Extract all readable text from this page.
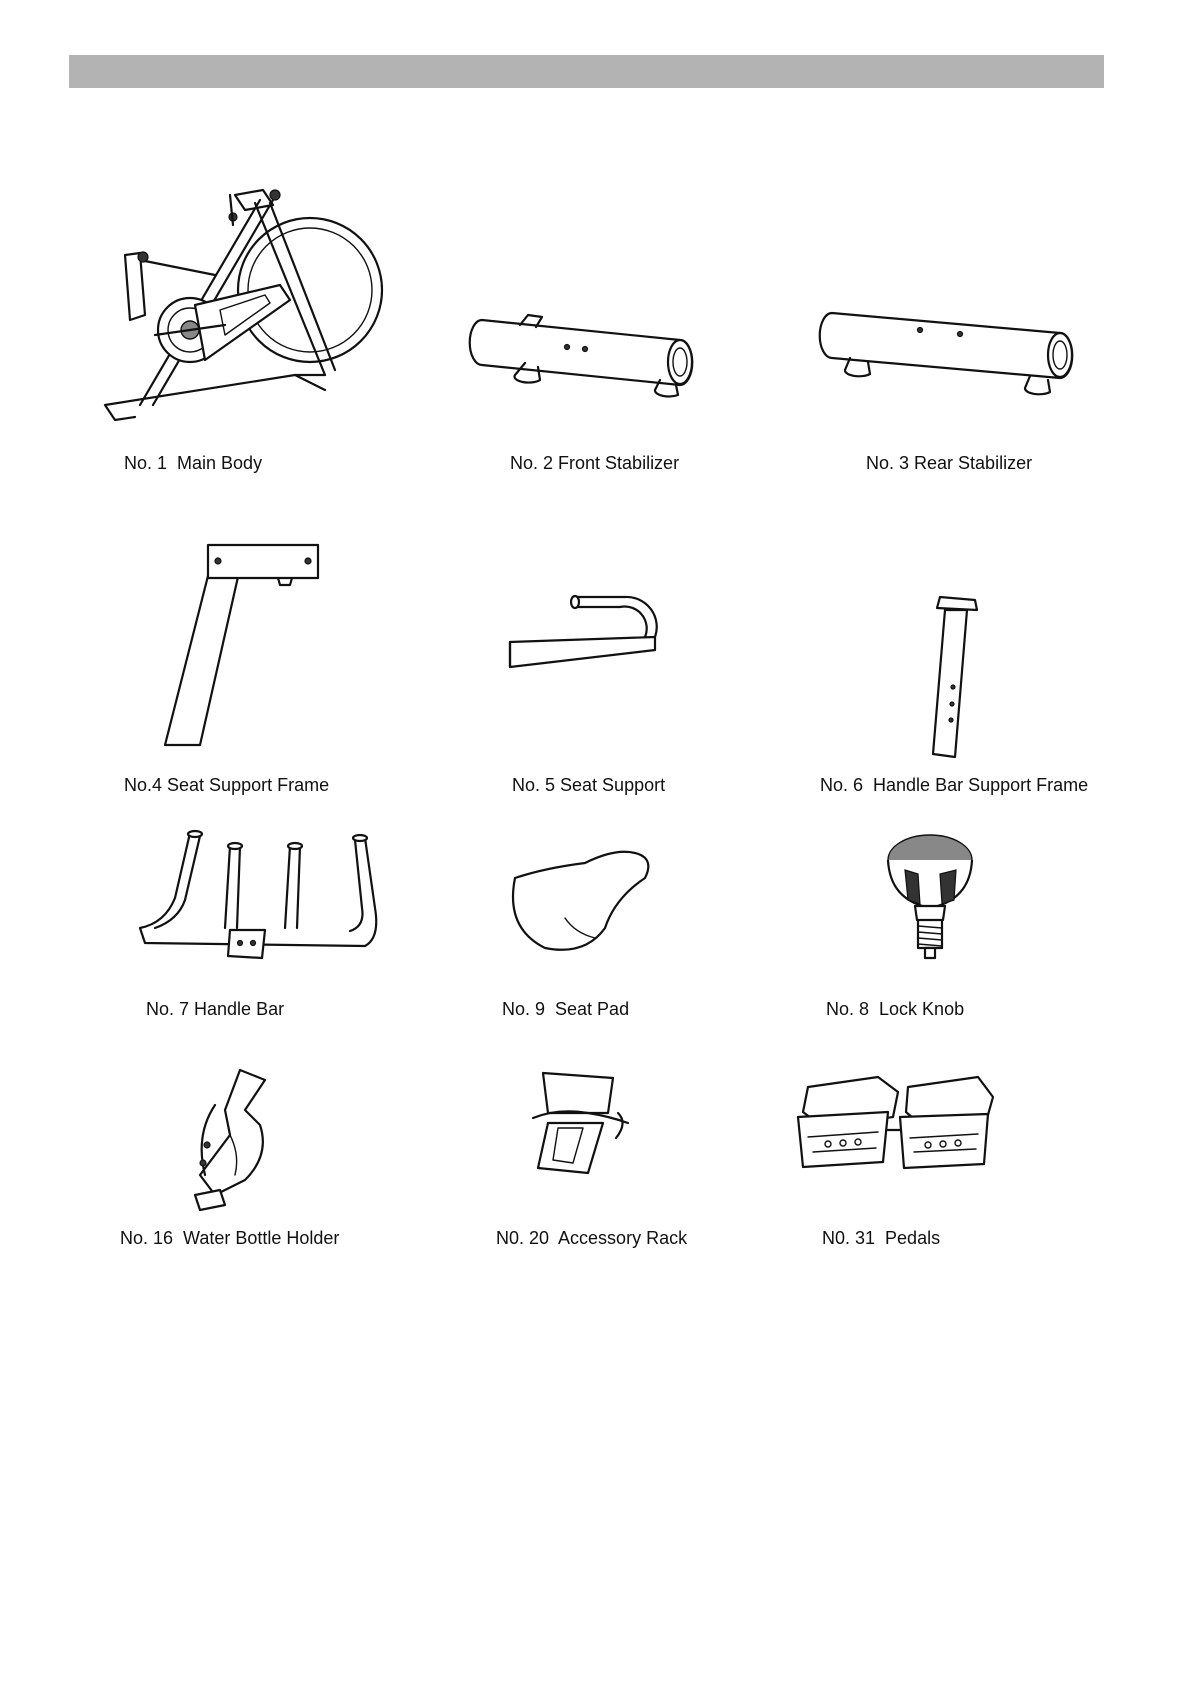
No. 1  Main Body	No. 2 Front Stabilizer	No. 3 Rear Stabilizer
No.4 Seat Support Frame	No. 5 Seat Support	No. 6  Handle Bar Support Frame
No. 7 Handle Bar	No. 9  Seat Pad	No. 8  Lock Knob
No. 16  Water Bottle Holder	N0. 20  Accessory Rack	N0. 31  Pedals
